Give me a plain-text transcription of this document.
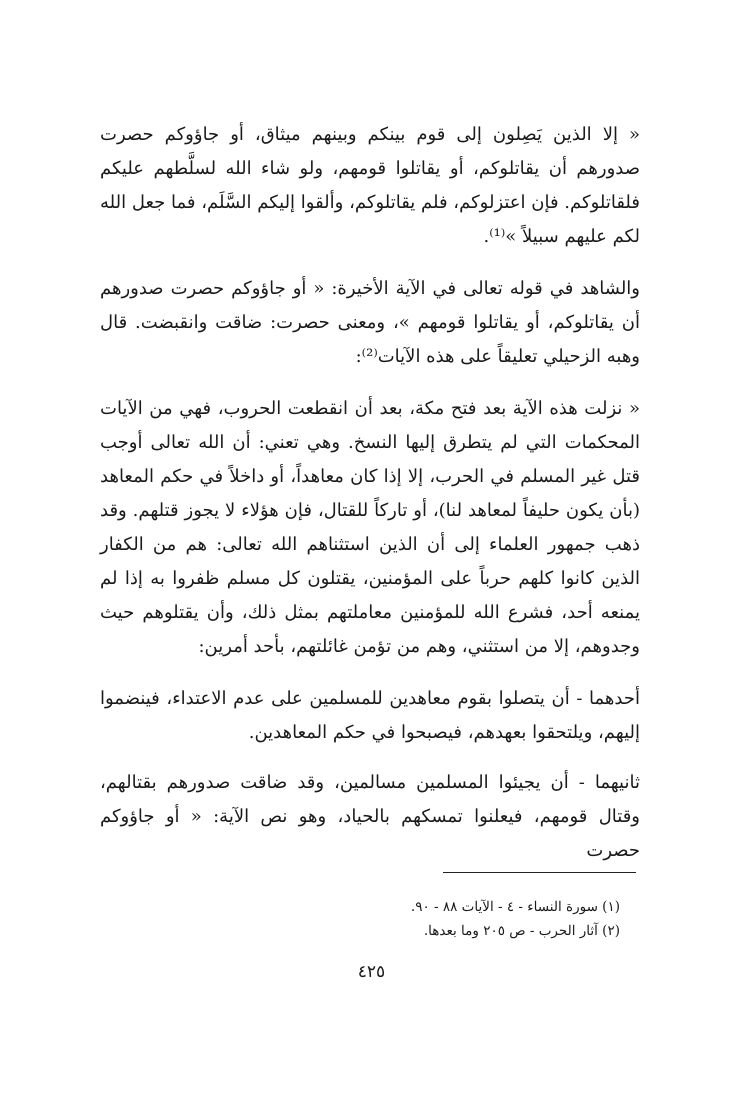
« إلا الذين يَصِلون إلى قوم بينكم وبينهم ميثاق، أو جاؤوكم حصرت صدورهم أن يقاتلوكم، أو يقاتلوا قومهم، ولو شاء الله لسلَّطهم عليكم فلقاتلوكم. فإن اعتزلوكم، فلم يقاتلوكم، وألقوا إليكم السَّلَم، فما جعل الله لكم عليهم سبيلاً »⁽¹⁾.

والشاهد في قوله تعالى في الآية الأخيرة: « أو جاؤوكم حصرت صدورهم أن يقاتلوكم، أو يقاتلوا قومهم »، ومعنى حصرت: ضاقت وانقبضت. قال وهبه الزحيلي تعليقاً على هذه الآيات⁽²⁾:

« نزلت هذه الآية بعد فتح مكة، بعد أن انقطعت الحروب، فهي من الآيات المحكمات التي لم يتطرق إليها النسخ. وهي تعني: أن الله تعالى أوجب قتل غير المسلم في الحرب، إلا إذا كان معاهداً، أو داخلاً في حكم المعاهد (بأن يكون حليفاً لمعاهد لنا)، أو تاركاً للقتال، فإن هؤلاء لا يجوز قتلهم. وقد ذهب جمهور العلماء إلى أن الذين استثناهم الله تعالى: هم من الكفار الذين كانوا كلهم حرباً على المؤمنين، يقتلون كل مسلم ظفروا به إذا لم يمنعه أحد، فشرع الله للمؤمنين معاملتهم بمثل ذلك، وأن يقتلوهم حيث وجدوهم، إلا من استثني، وهم من تؤمن غائلتهم، بأحد أمرين:

أحدهما - أن يتصلوا بقوم معاهدين للمسلمين على عدم الاعتداء، فينضموا إليهم، ويلتحقوا بعهدهم، فيصبحوا في حكم المعاهدين.

ثانيهما - أن يجيئوا المسلمين مسالمين، وقد ضاقت صدورهم بقتالهم، وقتال قومهم، فيعلنوا تمسكهم بالحياد، وهو نص الآية: « أو جاؤوكم حصرت

(١) سورة النساء - ٤ - الآيات ٨٨ - ٩٠.
(٢) آثار الحرب - ص ٢٠٥ وما بعدها.
٤٢٥
